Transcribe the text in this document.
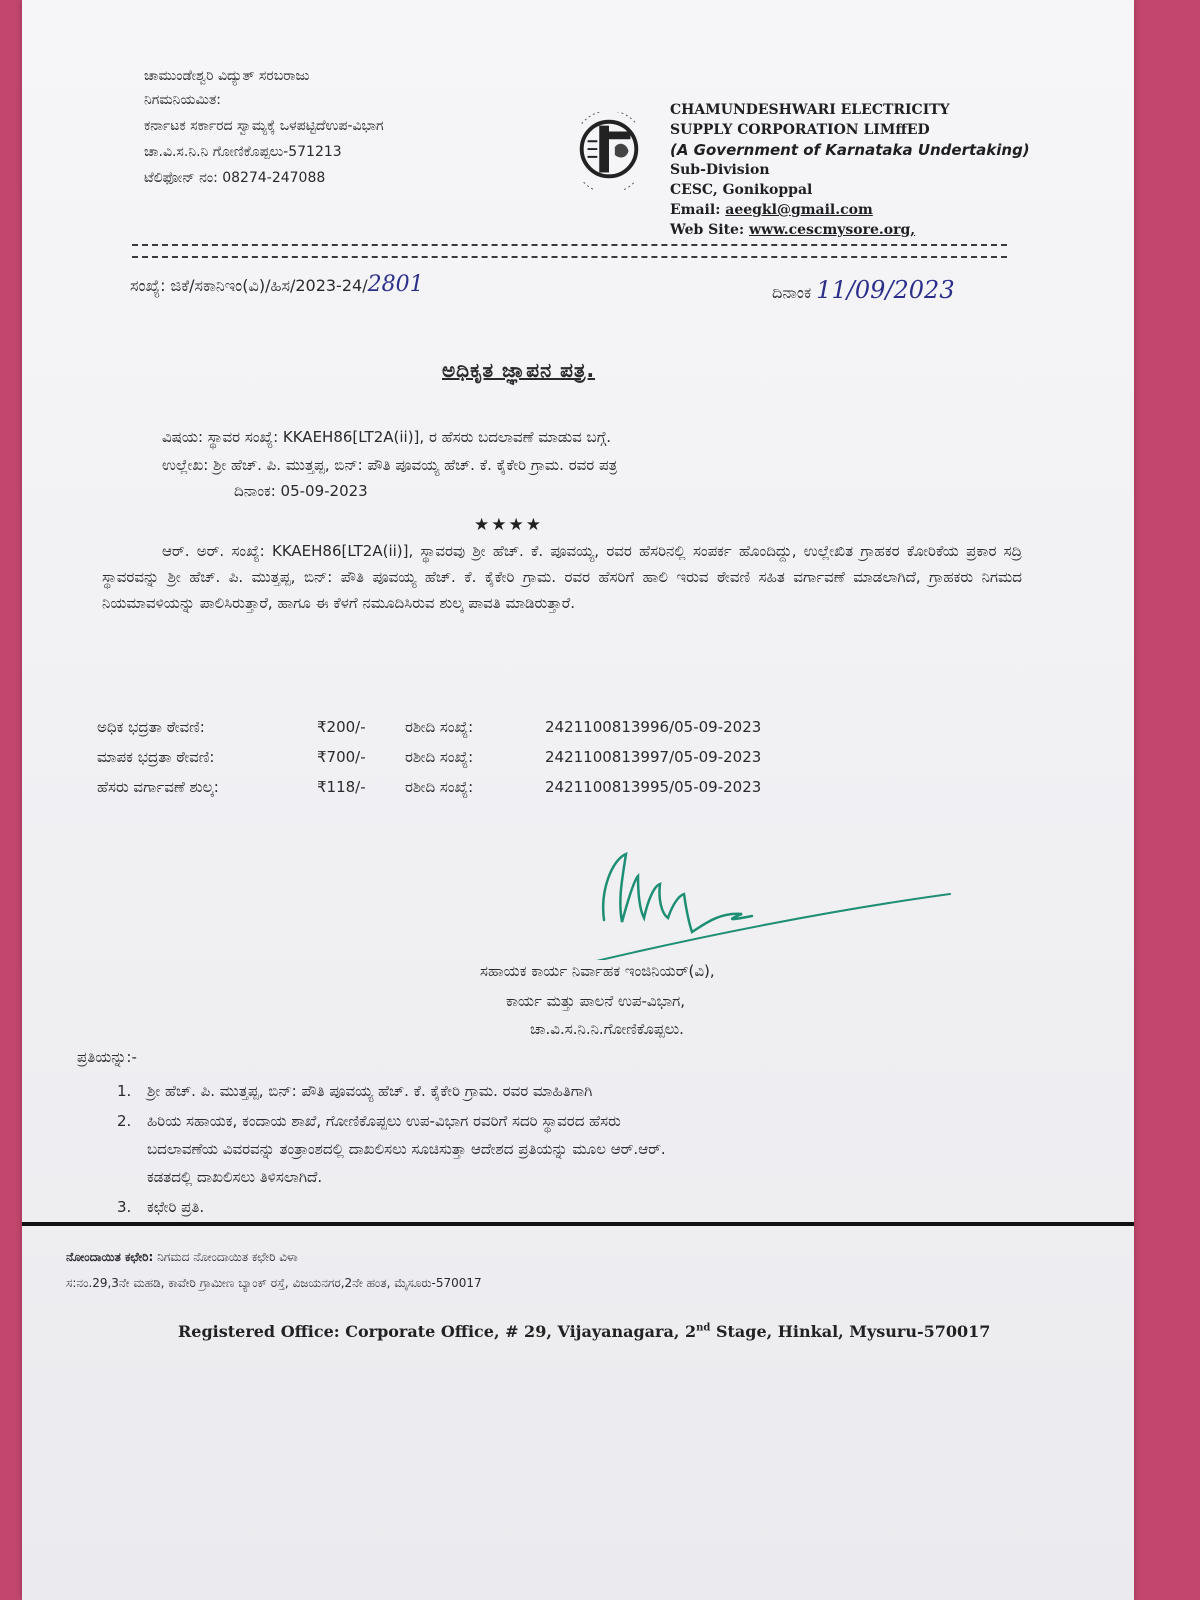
ಚಾಮುಂಡೇಶ್ವರಿ ವಿದ್ಯುತ್ ಸರಬರಾಜು
ನಿಗಮನಿಯಮಿತ:
ಕರ್ನಾಟಕ ಸರ್ಕಾರದ ಸ್ವಾಮ್ಯಕ್ಕೆ ಒಳಪಟ್ಟಿದೆಉಪ-ವಿಭಾಗ
ಚಾ.ವಿ.ಸ.ನಿ.ನಿ ಗೋಣಿಕೊಪ್ಪಲು-571213
ಟೆಲಿಫೋನ್ ನಂ: 08274-247088
CHAMUNDESHWARI ELECTRICITY
SUPPLY CORPORATION LIMffED
(A Government of Karnataka Undertaking)
Sub-Division
CESC, Gonikoppal
Email: aeegkl@gmail.com
Web Site: www.cescmysore.org,
ಸಂಖ್ಯೆ: ಜಿಕೆ/ಸಕಾನಿಇಂ(ವಿ)/ಹಿಸ/2023-24/2801	ದಿನಾಂಕ 11/09/2023
ಅಧಿಕೃತ ಜ್ಞಾಪನ ಪತ್ರ.
ವಿಷಯ: ಸ್ಥಾವರ ಸಂಖ್ಯೆ: KKAEH86[LT2A(ii)], ರ ಹೆಸರು ಬದಲಾವಣೆ ಮಾಡುವ ಬಗ್ಗೆ.
ಉಲ್ಲೇಖ: ಶ್ರೀ ಹೆಚ್. ಪಿ. ಮುತ್ತಪ್ಪ, ಬಿನ್: ಪೌತಿ ಪೂವಯ್ಯ ಹೆಚ್. ಕೆ. ಕೈಕೇರಿ ಗ್ರಾಮ. ರವರ ಪತ್ರ
ದಿನಾಂಕ: 05-09-2023
★★★★
ಆರ್. ಅರ್. ಸಂಖ್ಯೆ: KKAEH86[LT2A(ii)], ಸ್ಥಾವರವು ಶ್ರೀ ಹೆಚ್. ಕೆ. ಪೂವಯ್ಯ, ರವರ ಹೆಸರಿನಲ್ಲಿ ಸಂಪರ್ಕ ಹೊಂದಿದ್ದು, ಉಲ್ಲೇಖಿತ ಗ್ರಾಹಕರ ಕೋರಿಕೆಯ ಪ್ರಕಾರ ಸದ್ರಿ ಸ್ಥಾವರವನ್ನು ಶ್ರೀ ಹೆಚ್. ಪಿ. ಮುತ್ತಪ್ಪ, ಬಿನ್: ಪೌತಿ ಪೂವಯ್ಯ ಹೆಚ್. ಕೆ. ಕೈಕೇರಿ ಗ್ರಾಮ. ರವರ ಹೆಸರಿಗೆ ಹಾಲಿ ಇರುವ ಠೇವಣಿ ಸಹಿತ ವರ್ಗಾವಣೆ ಮಾಡಲಾಗಿದೆ, ಗ್ರಾಹಕರು ನಿಗಮದ ನಿಯಮಾವಳಿಯನ್ನು ಪಾಲಿಸಿರುತ್ತಾರೆ, ಹಾಗೂ ಈ ಕೆಳಗೆ ನಮೂದಿಸಿರುವ ಶುಲ್ಕ ಪಾವತಿ ಮಾಡಿರುತ್ತಾರೆ.
ಅಧಿಕ ಭದ್ರತಾ ಠೇವಣಿ:	₹200/-	ರಶೀದಿ ಸಂಖ್ಯೆ:	2421100813996/05-09-2023
ಮಾಪಕ ಭದ್ರತಾ ಠೇವಣಿ:	₹700/-	ರಶೀದಿ ಸಂಖ್ಯೆ:	2421100813997/05-09-2023
ಹೆಸರು ವರ್ಗಾವಣೆ ಶುಲ್ಕ:	₹118/-	ರಶೀದಿ ಸಂಖ್ಯೆ:	2421100813995/05-09-2023
ಸಹಾಯಕ ಕಾರ್ಯ ನಿರ್ವಾಹಕ ಇಂಜಿನಿಯರ್(ವಿ),
ಕಾರ್ಯ ಮತ್ತು ಪಾಲನೆ ಉಪ-ವಿಭಾಗ,
ಚಾ.ವಿ.ಸ.ನಿ.ನಿ.ಗೋಣಿಕೊಪ್ಪಲು.
ಪ್ರತಿಯನ್ನು:-
1. ಶ್ರೀ ಹೆಚ್. ಪಿ. ಮುತ್ತಪ್ಪ, ಬಿನ್: ಪೌತಿ ಪೂವಯ್ಯ ಹೆಚ್. ಕೆ. ಕೈಕೇರಿ ಗ್ರಾಮ. ರವರ ಮಾಹಿತಿಗಾಗಿ
2. ಹಿರಿಯ ಸಹಾಯಕ, ಕಂದಾಯ ಶಾಖೆ, ಗೋಣಿಕೊಪ್ಪಲು ಉಪ-ವಿಭಾಗ ರವರಿಗೆ ಸದರಿ ಸ್ಥಾವರದ ಹೆಸರು
ಬದಲಾವಣೆಯ ವಿವರವನ್ನು ತಂತ್ರಾಂಶದಲ್ಲಿ ದಾಖಲಿಸಲು ಸೂಚಿಸುತ್ತಾ ಆದೇಶದ ಪ್ರತಿಯನ್ನು ಮೂಲ ಆರ್.ಆರ್.
ಕಡತದಲ್ಲಿ ದಾಖಲಿಸಲು ತಿಳಿಸಲಾಗಿದೆ.
3. ಕಛೇರಿ ಪ್ರತಿ.
ನೋಂದಾಯಿತ ಕಛೇರಿ: ನಿಗಮದ ನೋಂದಾಯಿತ ಕಛೇರಿ ವಿಳಾ
ಸ:ನಂ.29,3ನೇ ಮಹಡಿ, ಕಾವೇರಿ ಗ್ರಾಮೀಣ ಬ್ಯಾಂಕ್ ರಸ್ತೆ, ವಿಜಯನಗರ,2ನೇ ಹಂತ, ಮೈಸೂರು-570017
Registered Office: Corporate Office, # 29, Vijayanagara, 2nd Stage, Hinkal, Mysuru-570017
